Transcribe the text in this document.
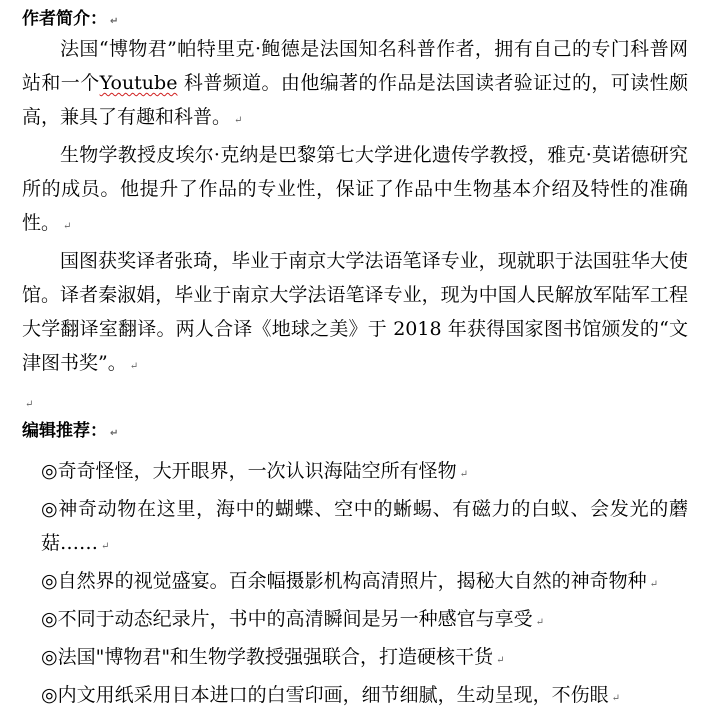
作者简介： ↵

法国“博物君”帕特里克·鲍德是法国知名科普作者，拥有自己的专门科普网站和一个Youtube 科普频道。由他编著的作品是法国读者验证过的，可读性颇高，兼具了有趣和科普。 ↵

生物学教授皮埃尔·克纳是巴黎第七大学进化遗传学教授，雅克·莫诺德研究所的成员。他提升了作品的专业性，保证了作品中生物基本介绍及特性的准确性。 ↵

国图获奖译者张琦，毕业于南京大学法语笔译专业，现就职于法国驻华大使馆。译者秦淑娟，毕业于南京大学法语笔译专业，现为中国人民解放军陆军工程大学翻译室翻译。两人合译《地球之美》于 2018 年获得国家图书馆颁发的“文津图书奖”。 ↵

↵
编辑推荐： ↵
◎奇奇怪怪，大开眼界，一次认识海陆空所有怪物 ↵
◎神奇动物在这里，海中的蝴蝶、空中的蜥蜴、有磁力的白蚁、会发光的蘑菇…… ↵
◎自然界的视觉盛宴。百余幅摄影机构高清照片，揭秘大自然的神奇物种 ↵
◎不同于动态纪录片，书中的高清瞬间是另一种感官与享受 ↵
◎法国"博物君"和生物学教授强强联合，打造硬核干货 ↵
◎内文用纸采用日本进口的白雪印画，细节细腻，生动呈现，不伤眼 ↵
